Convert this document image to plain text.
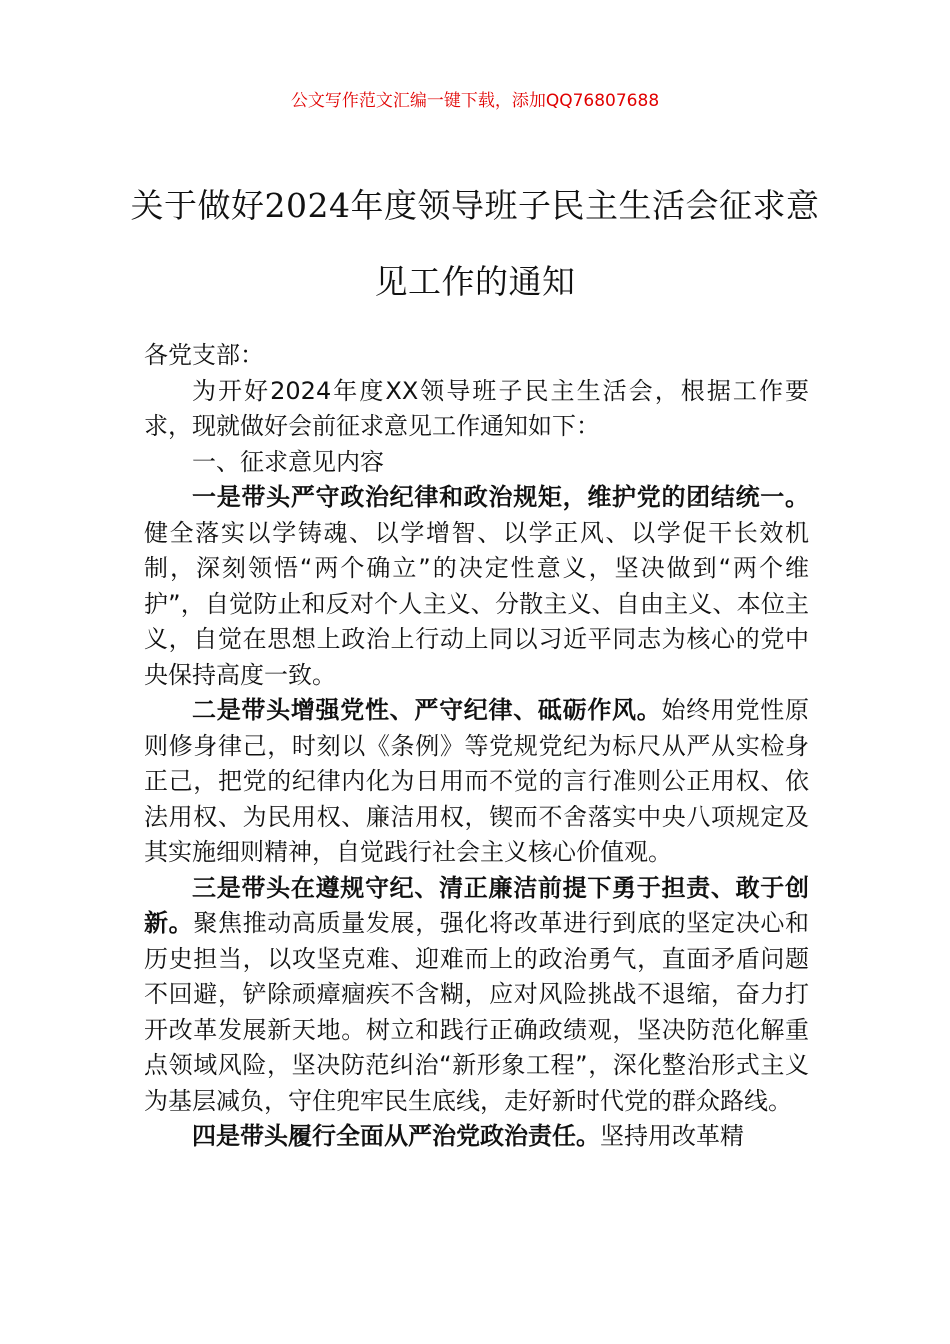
公文写作范文汇编一键下载，添加QQ76807688
关于做好2024年度领导班子民主生活会征求意见工作的通知

各党支部：

为开好2024年度XX领导班子民主生活会，根据工作要求，现就做好会前征求意见工作通知如下：

一、征求意见内容

一是带头严守政治纪律和政治规矩，维护党的团结统一。健全落实以学铸魂、以学增智、以学正风、以学促干长效机制，深刻领悟“两个确立”的决定性意义，坚决做到“两个维护”，自觉防止和反对个人主义、分散主义、自由主义、本位主义，自觉在思想上政治上行动上同以习近平同志为核心的党中央保持高度一致。

二是带头增强党性、严守纪律、砥砺作风。始终用党性原则修身律己，时刻以《条例》等党规党纪为标尺从严从实检身正己，把党的纪律内化为日用而不觉的言行准则公正用权、依法用权、为民用权、廉洁用权，锲而不舍落实中央八项规定及其实施细则精神，自觉践行社会主义核心价值观。

三是带头在遵规守纪、清正廉洁前提下勇于担责、敢于创新。聚焦推动高质量发展，强化将改革进行到底的坚定决心和历史担当，以攻坚克难、迎难而上的政治勇气，直面矛盾问题不回避，铲除顽瘴痼疾不含糊，应对风险挑战不退缩，奋力打开改革发展新天地。树立和践行正确政绩观，坚决防范化解重点领域风险，坚决防范纠治“新形象工程”，深化整治形式主义为基层减负，守住兜牢民生底线，走好新时代党的群众路线。

四是带头履行全面从严治党政治责任。坚持用改革精
